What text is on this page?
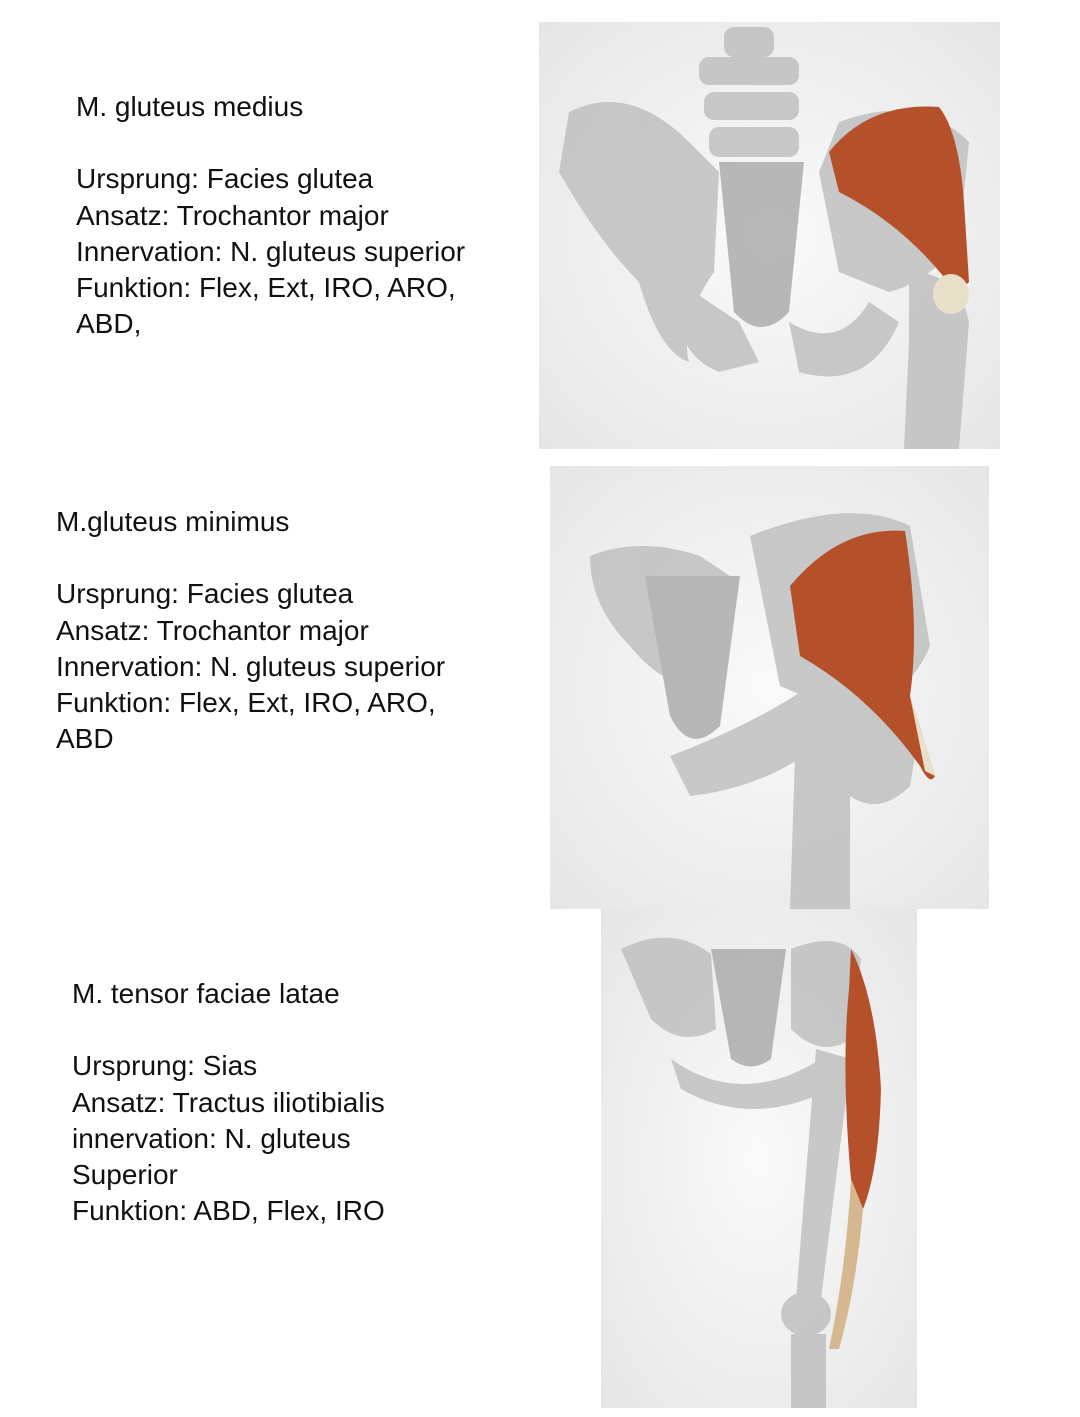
M. gluteus medius
Ursprung: Facies glutea
Ansatz: Trochantor major
Innervation: N. gluteus superior
Funktion: Flex, Ext, IRO, ARO,
ABD,
M.gluteus minimus
Ursprung: Facies glutea
Ansatz: Trochantor major
Innervation: N. gluteus superior
Funktion: Flex, Ext, IRO, ARO,
ABD
M. tensor faciae latae
Ursprung: Sias
Ansatz: Tractus iliotibialis
innervation: N. gluteus
Superior
Funktion: ABD, Flex, IRO
